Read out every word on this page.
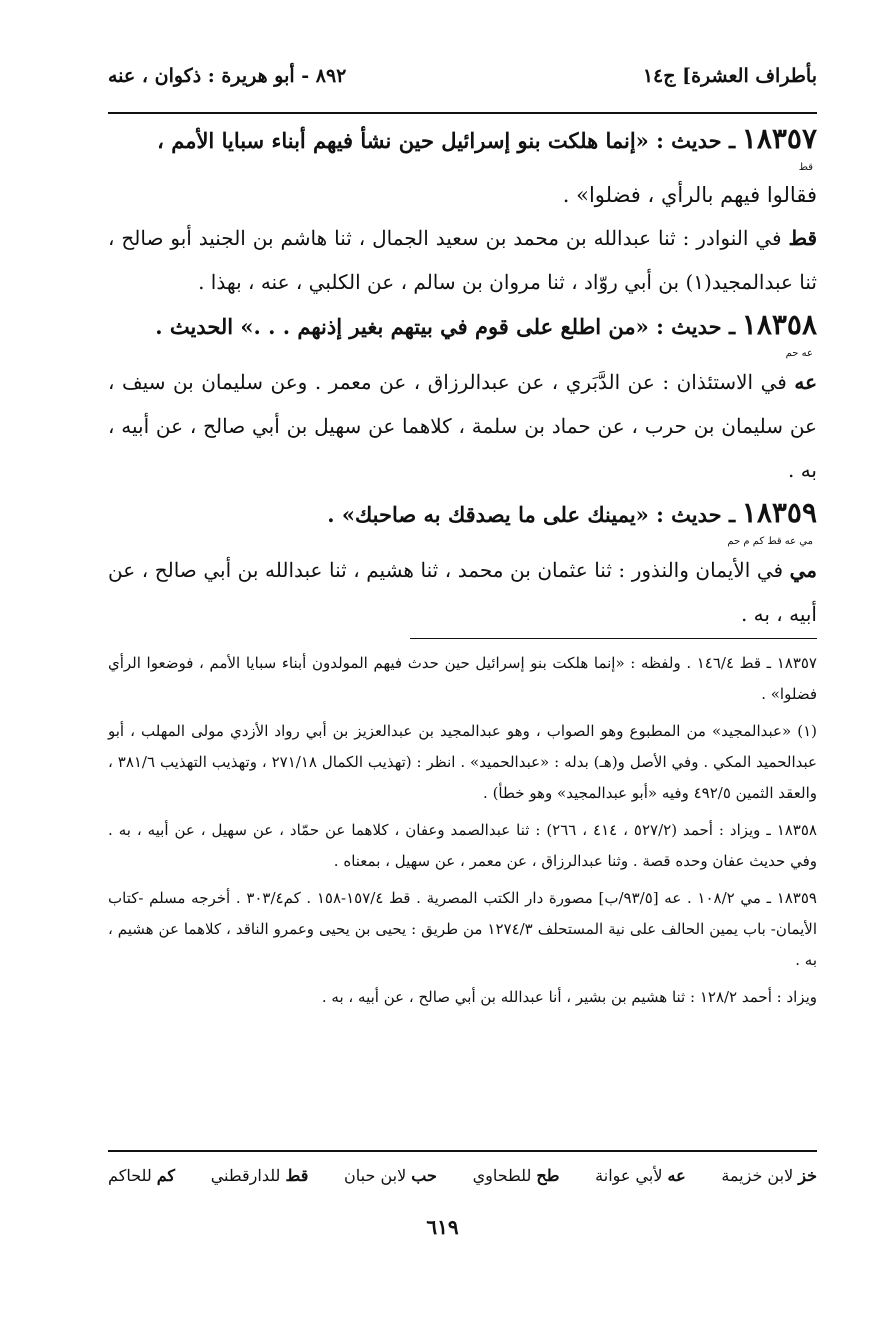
بأطراف العشرة] ج١٤
٨٩٢ - أبو هريرة : ذكوان ، عنه
١٨٣٥٧ ـ حديث : «إنما هلكت بنو إسرائيل حين نشأ فيهم أبناء سبايا الأمم ،
قط
فقالوا فيهم بالرأي ، فضلوا» .
قط في النوادر : ثنا عبدالله بن محمد بن سعيد الجمال ، ثنا هاشم بن الجنيد أبو صالح ، ثنا عبدالمجيد(١) بن أبي روّاد ، ثنا مروان بن سالم ، عن الكلبي ، عنه ، بهذا .
١٨٣٥٨ ـ حديث : «من اطلع على قوم في بيتهم بغير إذنهم . . .» الحديث .
عه حم
عه في الاستئذان : عن الدَّبَري ، عن عبدالرزاق ، عن معمر . وعن سليمان بن سيف ، عن سليمان بن حرب ، عن حماد بن سلمة ، كلاهما عن سهيل بن أبي صالح ، عن أبيه ، به .
١٨٣٥٩ ـ حديث : «يمينك على ما يصدقك به صاحبك» .
مي عه قط كم م حم
مي في الأيمان والنذور : ثنا عثمان بن محمد ، ثنا هشيم ، ثنا عبدالله بن أبي صالح ، عن أبيه ، به .

١٨٣٥٧ ـ قط ١٤٦/٤ . ولفظه : «إنما هلكت بنو إسرائيل حين حدث فيهم المولدون أبناء سبايا الأمم ، فوضعوا الرأي فضلوا» .

(١) «عبدالمجيد» من المطبوع وهو الصواب ، وهو عبدالمجيد بن عبدالعزيز بن أبي رواد الأزدي مولى المهلب ، أبو عبدالحميد المكي . وفي الأصل و(هـ) بدله : «عبدالحميد» . انظر : (تهذيب الكمال ٢٧١/١٨ ، وتهذيب التهذيب ٣٨١/٦ ، والعقد الثمين ٤٩٢/٥ وفيه «أبو عبدالمجيد» وهو خطأ) .

١٨٣٥٨ ـ ويزاد : أحمد (٥٢٧/٢ ، ٤١٤ ، ٢٦٦) : ثنا عبدالصمد وعفان ، كلاهما عن حمّاد ، عن سهيل ، عن أبيه ، به . وفي حديث عفان وحده قصة . وثنا عبدالرزاق ، عن معمر ، عن سهيل ، بمعناه .

١٨٣٥٩ ـ مي ١٠٨/٢ . عه [٩٣/٥/ب] مصورة دار الكتب المصرية . قط ١٥٧/٤-١٥٨ . كم٣٠٣/٤ . أخرجه مسلم -كتاب الأيمان- باب يمين الحالف على نية المستحلف ١٢٧٤/٣ من طريق : يحيى بن يحيى وعمرو الناقد ، كلاهما عن هشيم ، به .

ويزاد : أحمد ١٢٨/٢ : ثنا هشيم بن بشير ، أنا عبدالله بن أبي صالح ، عن أبيه ، به .

خز لابن خزيمة
عه لأبي عوانة
طح للطحاوي
حب لابن حبان
قط للدارقطني
كم للحاكم
٦١٩
